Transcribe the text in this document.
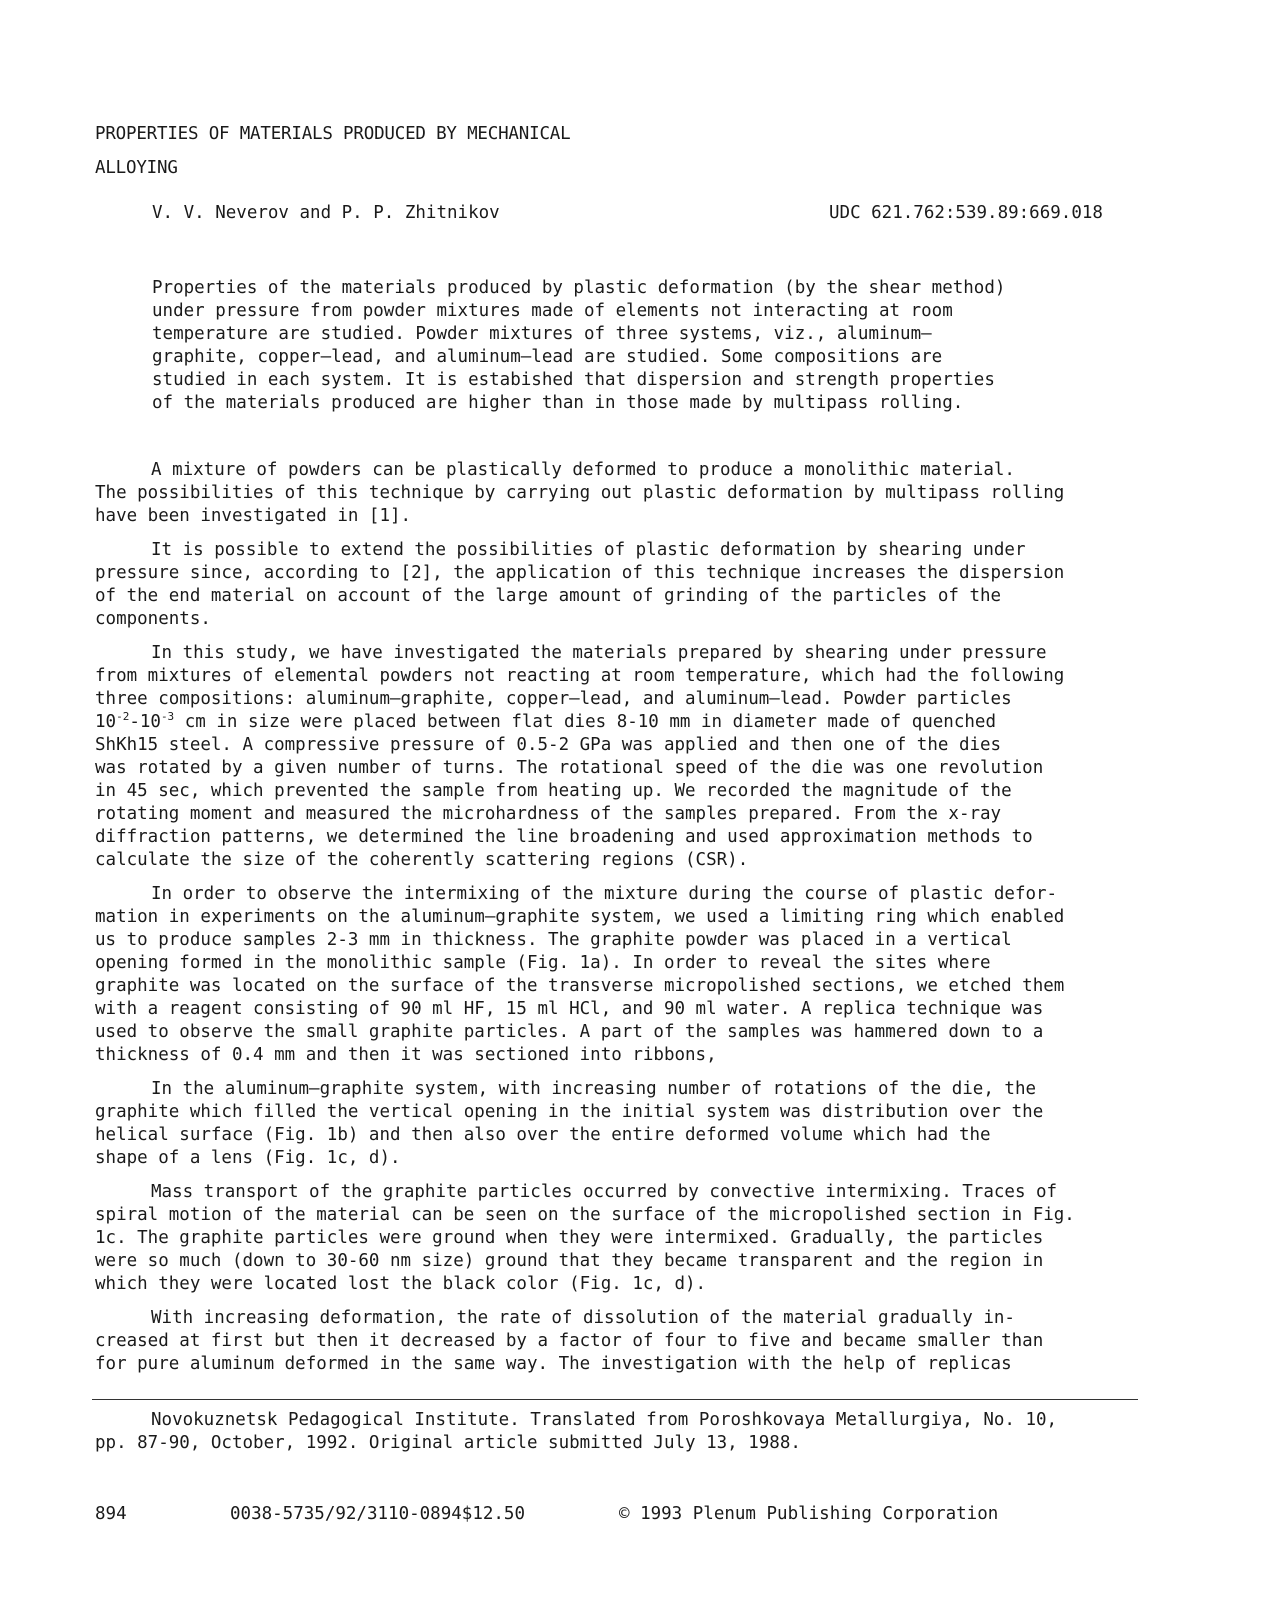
PROPERTIES OF MATERIALS PRODUCED BY MECHANICAL
ALLOYING
V. V. Neverov and P. P. Zhitnikov	UDC 621.762:539.89:669.018
Properties of the materials produced by plastic deformation (by the shear method)
under pressure from powder mixtures made of elements not interacting at room
temperature are studied. Powder mixtures of three systems, viz., aluminum—
graphite, copper—lead, and aluminum—lead are studied. Some compositions are
studied in each system. It is estabished that dispersion and strength properties
of the materials produced are higher than in those made by multipass rolling.
A mixture of powders can be plastically deformed to produce a monolithic material.
The possibilities of this technique by carrying out plastic deformation by multipass rolling
have been investigated in [1].
It is possible to extend the possibilities of plastic deformation by shearing under
pressure since, according to [2], the application of this technique increases the dispersion
of the end material on account of the large amount of grinding of the particles of the
components.
In this study, we have investigated the materials prepared by shearing under pressure
from mixtures of elemental powders not reacting at room temperature, which had the following
three compositions: aluminum—graphite, copper—lead, and aluminum—lead. Powder particles
$10^{-2}-10^{-3}$ cm in size were placed between flat dies 8-10 mm in diameter made of quenched
ShKh15 steel. A compressive pressure of 0.5-2 GPa was applied and then one of the dies
was rotated by a given number of turns. The rotational speed of the die was one revolution
in 45 sec, which prevented the sample from heating up. We recorded the magnitude of the
rotating moment and measured the microhardness of the samples prepared. From the x-ray
diffraction patterns, we determined the line broadening and used approximation methods to
calculate the size of the coherently scattering regions (CSR).
In order to observe the intermixing of the mixture during the course of plastic defor-
mation in experiments on the aluminum—graphite system, we used a limiting ring which enabled
us to produce samples 2-3 mm in thickness. The graphite powder was placed in a vertical
opening formed in the monolithic sample (Fig. 1a). In order to reveal the sites where
graphite was located on the surface of the transverse micropolished sections, we etched them
with a reagent consisting of 90 ml HF, 15 ml HCl, and 90 ml water. A replica technique was
used to observe the small graphite particles. A part of the samples was hammered down to a
thickness of 0.4 mm and then it was sectioned into ribbons,
In the aluminum—graphite system, with increasing number of rotations of the die, the
graphite which filled the vertical opening in the initial system was distribution over the
helical surface (Fig. 1b) and then also over the entire deformed volume which had the
shape of a lens (Fig. 1c, d).
Mass transport of the graphite particles occurred by convective intermixing. Traces of
spiral motion of the material can be seen on the surface of the micropolished section in Fig.
1c. The graphite particles were ground when they were intermixed. Gradually, the particles
were so much (down to 30-60 nm size) ground that they became transparent and the region in
which they were located lost the black color (Fig. 1c, d).
With increasing deformation, the rate of dissolution of the material gradually in-
creased at first but then it decreased by a factor of four to five and became smaller than
for pure aluminum deformed in the same way. The investigation with the help of replicas
Novokuznetsk Pedagogical Institute. Translated from Poroshkovaya Metallurgiya, No. 10,
pp. 87-90, October, 1992. Original article submitted July 13, 1988.
894	0038-5735/92/3110-0894$12.50	© 1993 Plenum Publishing Corporation
